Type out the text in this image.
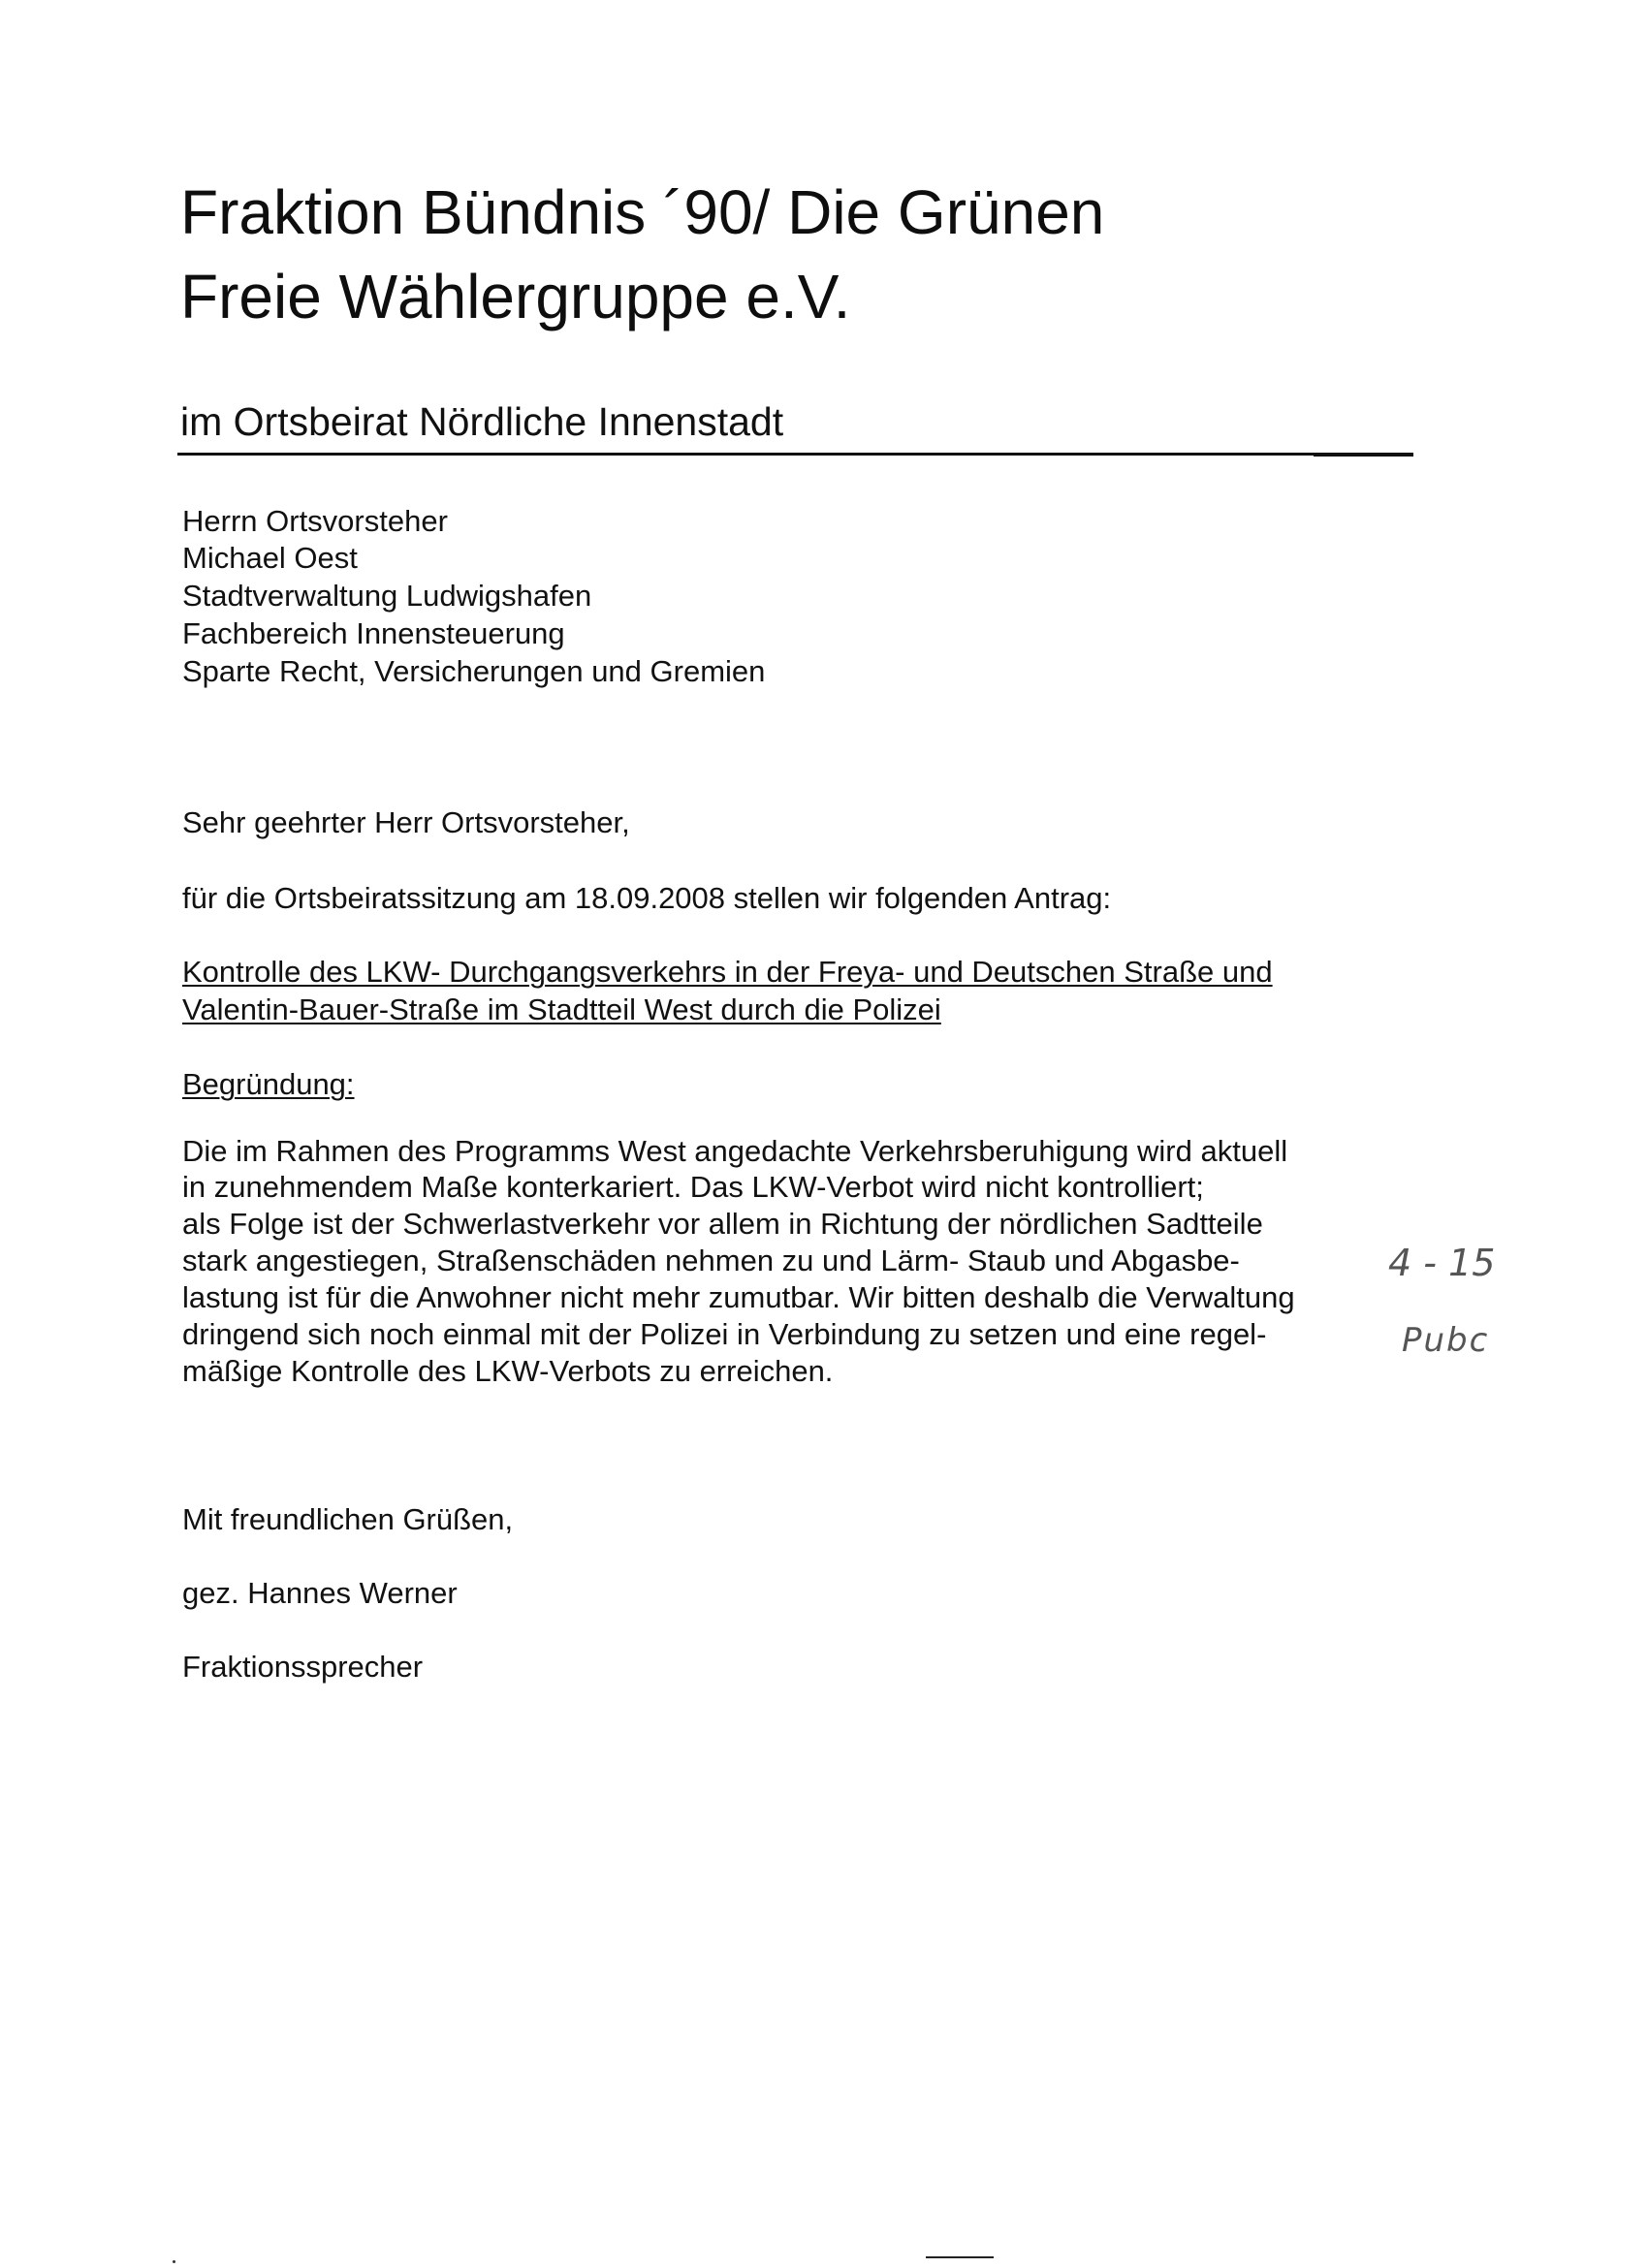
Fraktion Bündnis ´90/ Die Grünen
Freie Wählergruppe e.V.
im Ortsbeirat Nördliche Innenstadt
Herrn Ortsvorsteher
Michael Oest
Stadtverwaltung Ludwigshafen
Fachbereich Innensteuerung
Sparte Recht, Versicherungen und Gremien
Sehr geehrter Herr Ortsvorsteher,
für die Ortsbeiratssitzung am 18.09.2008 stellen wir folgenden Antrag:
Kontrolle des LKW- Durchgangsverkehrs in der Freya- und Deutschen Straße und
Valentin-Bauer-Straße im Stadtteil West durch die Polizei
Begründung:
Die im Rahmen des Programms West angedachte Verkehrsberuhigung wird aktuell
in zunehmendem Maße konterkariert. Das LKW-Verbot wird nicht kontrolliert;
als Folge ist der Schwerlastverkehr vor allem in Richtung der nördlichen Sadtteile
stark angestiegen, Straßenschäden nehmen zu und Lärm- Staub und Abgasbe-
lastung ist für die Anwohner nicht mehr zumutbar. Wir bitten deshalb die Verwaltung
dringend sich noch einmal mit der Polizei in Verbindung zu setzen und eine regel-
mäßige Kontrolle des LKW-Verbots zu erreichen.
4 - 15
Pubc
Mit freundlichen Grüßen,
gez. Hannes Werner
Fraktionssprecher
